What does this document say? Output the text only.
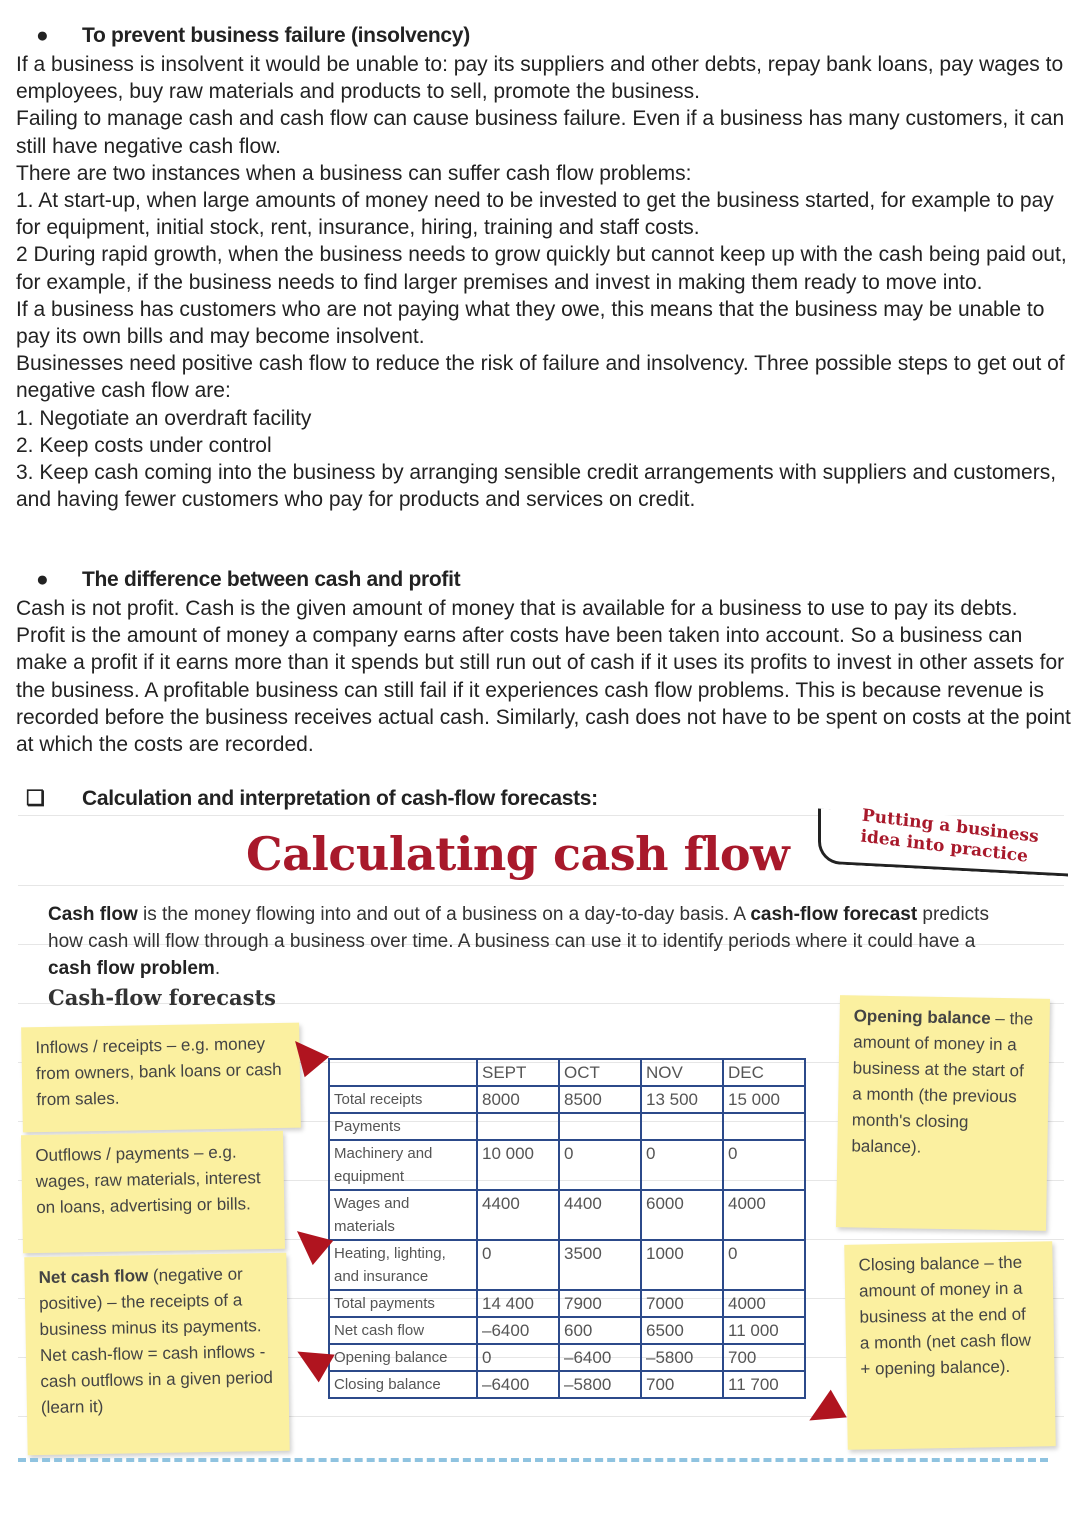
● To prevent business failure (insolvency)
If a business is insolvent it would be unable to: pay its suppliers and other debts, repay bank loans, pay wages to employees, buy raw materials and products to sell, promote the business.
Failing to manage cash and cash flow can cause business failure. Even if a business has many customers, it can still have negative cash flow.
There are two instances when a business can suffer cash flow problems:
1. At start-up, when large amounts of money need to be invested to get the business started, for example to pay for equipment, initial stock, rent, insurance, hiring, training and staff costs.
2 During rapid growth, when the business needs to grow quickly but cannot keep up with the cash being paid out, for example, if the business needs to find larger premises and invest in making them ready to move into.
If a business has customers who are not paying what they owe, this means that the business may be unable to pay its own bills and may become insolvent.
Businesses need positive cash flow to reduce the risk of failure and insolvency. Three possible steps to get out of negative cash flow are:
1. Negotiate an overdraft facility
2. Keep costs under control
3. Keep cash coming into the business by arranging sensible credit arrangements with suppliers and customers, and having fewer customers who pay for products and services on credit.
● The difference between cash and profit
Cash is not profit. Cash is the given amount of money that is available for a business to use to pay its debts. Profit is the amount of money a company earns after costs have been taken into account. So a business can make a profit if it earns more than it spends but still run out of cash if it uses its profits to invest in other assets for the business. A profitable business can still fail if it experiences cash flow problems. This is because revenue is recorded before the business receives actual cash. Similarly, cash does not have to be spent on costs at the point at which the costs are recorded.
❏ Calculation and interpretation of cash-flow forecasts:
Calculating cash flow
Putting a business idea into practice
Cash flow is the money flowing into and out of a business on a day-to-day basis. A cash-flow forecast predicts how cash will flow through a business over time. A business can use it to identify periods where it could have a cash flow problem.
Cash-flow forecasts
Inflows / receipts – e.g. money from owners, bank loans or cash from sales.
Outflows / payments – e.g. wages, raw materials, interest on loans, advertising or bills.
Net cash flow (negative or positive) – the receipts of a business minus its payments. Net cash-flow = cash inflows - cash outflows in a given period (learn it)
Opening balance – the amount of money in a business at the start of a month (the previous month's closing balance).
Closing balance – the amount of money in a business at the end of a month (net cash flow + opening balance).
	SEPT	OCT	NOV	DEC
Total receipts	8000	8500	13 500	15 000
Payments				
Machinery and equipment	10 000	0	0	0
Wages and materials	4400	4400	6000	4000
Heating, lighting, and insurance	0	3500	1000	0
Total payments	14 400	7900	7000	4000
Net cash flow	–6400	600	6500	11 000
Opening balance	0	–6400	–5800	700
Closing balance	–6400	–5800	700	11 700
